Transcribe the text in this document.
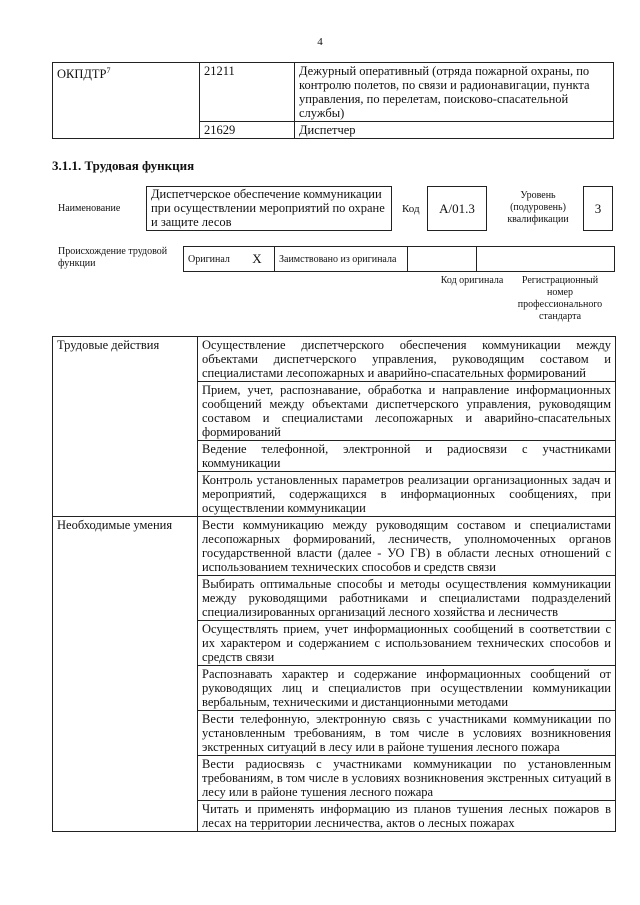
4
ОКПДТР$^7$	21211	Дежурный оперативный (отряда пожарной охраны, по контролю полетов, по связи и радионавигации, пункта управления, по перелетам, поисково-спасательной службы)
	21629	Диспетчер
3.1.1. Трудовая функция
Наименование
Диспетчерское обеспечение коммуникации при осуществлении мероприятий по охране и защите лесов
Код	A/01.3
Уровень (подуровень) квалификации
3
Происхождение трудовой функции	Оригинал	X	Заимствовано из оригинала		
Код оригинала	Регистрационный номер профессионального стандарта
Трудовые действия	Осуществление диспетчерского обеспечения коммуникации между объектами диспетчерского управления, руководящим составом и специалистами лесопожарных и аварийно-спасательных формирований
	Прием, учет, распознавание, обработка и направление информационных сообщений между объектами диспетчерского управления, руководящим составом и специалистами лесопожарных и аварийно-спасательных формирований
	Ведение телефонной, электронной и радиосвязи с участниками коммуникации
	Контроль установленных параметров реализации организационных задач и мероприятий, содержащихся в информационных сообщениях, при осуществлении коммуникации
Необходимые умения	Вести коммуникацию между руководящим составом и специалистами лесопожарных формирований, лесничеств, уполномоченных органов государственной власти (далее - УО ГВ) в области лесных отношений с использованием технических способов и средств связи
	Выбирать оптимальные способы и методы осуществления коммуникации между руководящими работниками и специалистами подразделений специализированных организаций лесного хозяйства и лесничеств
	Осуществлять прием, учет информационных сообщений в соответствии с их характером и содержанием с использованием технических способов и средств связи
	Распознавать характер и содержание информационных сообщений от руководящих лиц и специалистов при осуществлении коммуникации вербальным, техническими и дистанционными методами
	Вести телефонную, электронную связь с участниками коммуникации по установленным требованиям, в том числе в условиях возникновения экстренных ситуаций в лесу или в районе тушения лесного пожара
	Вести радиосвязь с участниками коммуникации по установленным требованиям, в том числе в условиях возникновения экстренных ситуаций в лесу или в районе тушения лесного пожара
	Читать и применять информацию из планов тушения лесных пожаров в лесах на территории лесничества, актов о лесных пожарах
